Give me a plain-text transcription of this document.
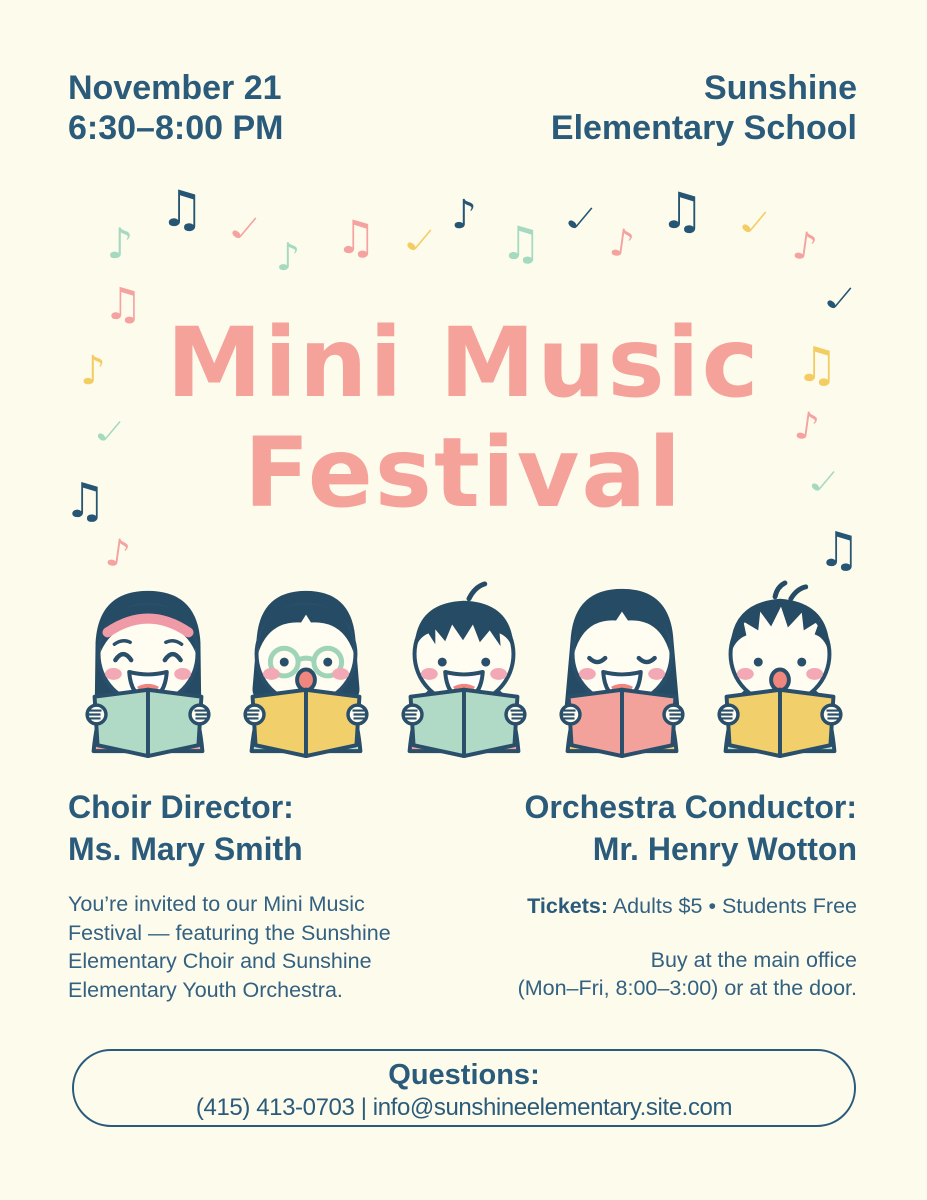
November 21
6:30–8:00 PM
Sunshine
Elementary School
♪
♫ ♩
♪ ♫ ♩
♪
♫ ♩
♪
♫ ♩
♪
♩
♫
♪
♩
♫
♪
♫
♪
♩
♫
Mini Music
Festival
Choir Director:
Ms. Mary Smith

You’re invited to our Mini Music Festival — featuring the Sunshine Elementary Choir and Sunshine Elementary Youth Orchestra.

Orchestra Conductor:
Mr. Henry Wotton

Tickets: Adults $5 • Students Free

Buy at the main office
(Mon–Fri, 8:00–3:00) or at the door.

Questions:
(415) 413-0703 | info@sunshineelementary.site.com
